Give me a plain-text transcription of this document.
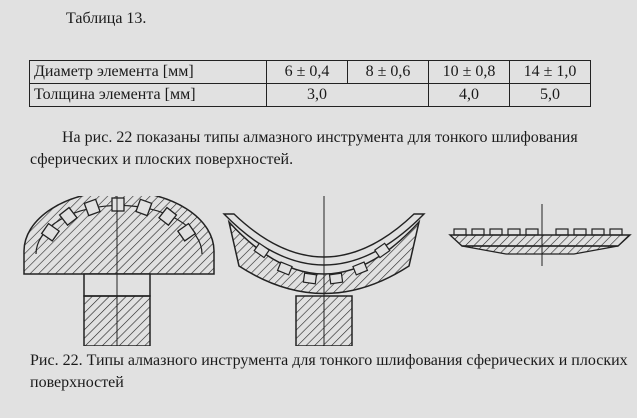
Таблица 13.
Диаметр элемента [мм]	6 ± 0,4	8 ± 0,6	10 ± 0,8	14 ± 1,0
Толщина элемента [мм]	3,0		4,0	5,0
На рис. 22 показаны типы алмазного инструмента для тонкого шлифования сферических и плоских поверхностей.
Рис. 22. Типы алмазного инструмента для тонкого шлифования сферических и плоских поверхностей
